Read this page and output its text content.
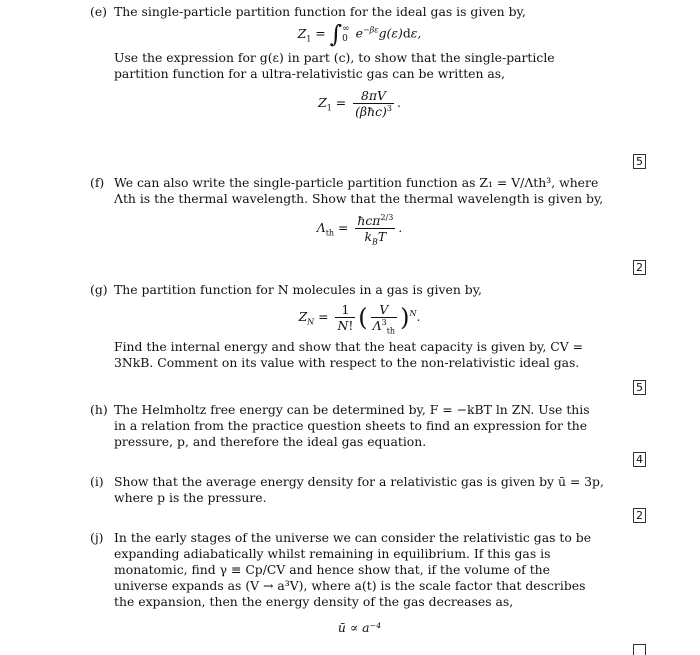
(e) The single-particle partition function for the ideal gas is given by,

$Z_1$ = ∫ ∞
0 $e^{-\beta\varepsilon}g(\varepsilon)d\varepsilon$,

Use the expression for g(ε) in part (c), to show that the single-particle partition function for a ultra-relativistic gas can be written as,

$Z_1 = \frac{8\pi V}{(\beta ħc)^3}$ .
5
(f) We can also write the single-particle partition function as Z₁ = V/Λth³, where Λth is the thermal wavelength. Show that the thermal wavelength is given by,

$\Lambda_{th} = \frac{ħc\pi^{2/3}}{k_BT}$ .
2
(g) The partition function for N molecules in a gas is given by,

$Z_N = \frac{1}{N!}$ ( $\frac{V}{\Lambda^3_{th}} )^N$.

Find the internal energy and show that the heat capacity is given by, CV = 3NkB. Comment on its value with respect to the non-relativistic ideal gas.

5
(h) The Helmholtz free energy can be determined by, F = −kBT ln ZN. Use this in a relation from the practice question sheets to find an expression for the pressure, p, and therefore the ideal gas equation.

4
(i) Show that the average energy density for a relativistic gas is given by ū = 3p, where p is the pressure.

2
(j) In the early stages of the universe we can consider the relativistic gas to be expanding adiabatically whilst remaining in equilibrium. If this gas is monatomic, find γ ≡ Cp/CV and hence show that, if the volume of the universe expands as (V → a³V), where a(t) is the scale factor that describes the expansion, then the energy density of the gas decreases as,

ū ∝ a⁻⁴
